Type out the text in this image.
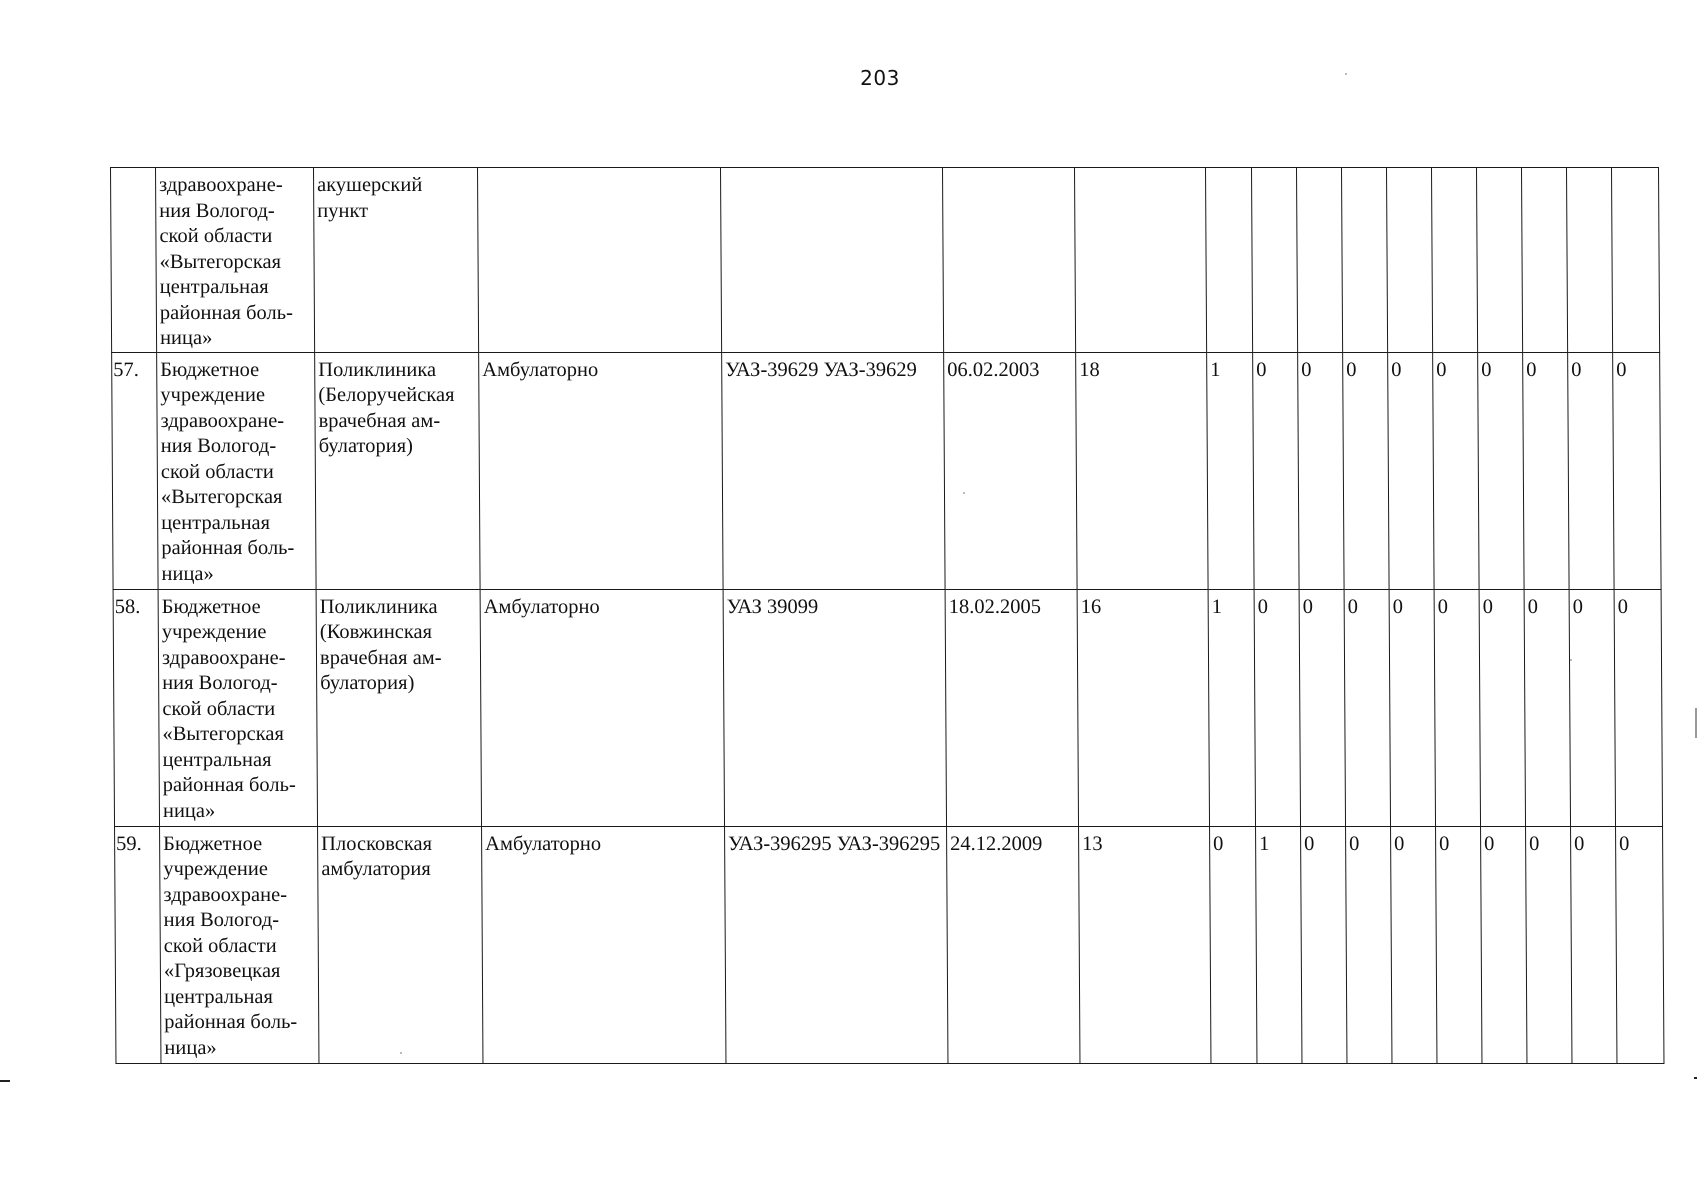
203
	здравоохране-ния Вологод-ской области «Вытегорская центральная районная боль-ница»	акушерский пункт														
57.	Бюджетное учреждение здравоохране-ния Вологод-ской области «Вытегорская центральная районная боль-ница»	Поликлиника (Белоручейская врачебная ам-булатория)	Амбулаторно	УАЗ-39629 УАЗ-39629	06.02.2003	18	1	0	0	0	0	0	0	0	0	0
58.	Бюджетное учреждение здравоохране-ния Вологод-ской области «Вытегорская центральная районная боль-ница»	Поликлиника (Ковжинская врачебная ам-булатория)	Амбулаторно	УАЗ 39099	18.02.2005	16	1	0	0	0	0	0	0	0	0	0
59.	Бюджетное учреждение здравоохране-ния Вологод-ской области «Грязовецкая центральная районная боль-ница»	Плосковская амбулатория	Амбулаторно	УАЗ-396295 УАЗ-396295	24.12.2009	13	0	1	0	0	0	0	0	0	0	0
